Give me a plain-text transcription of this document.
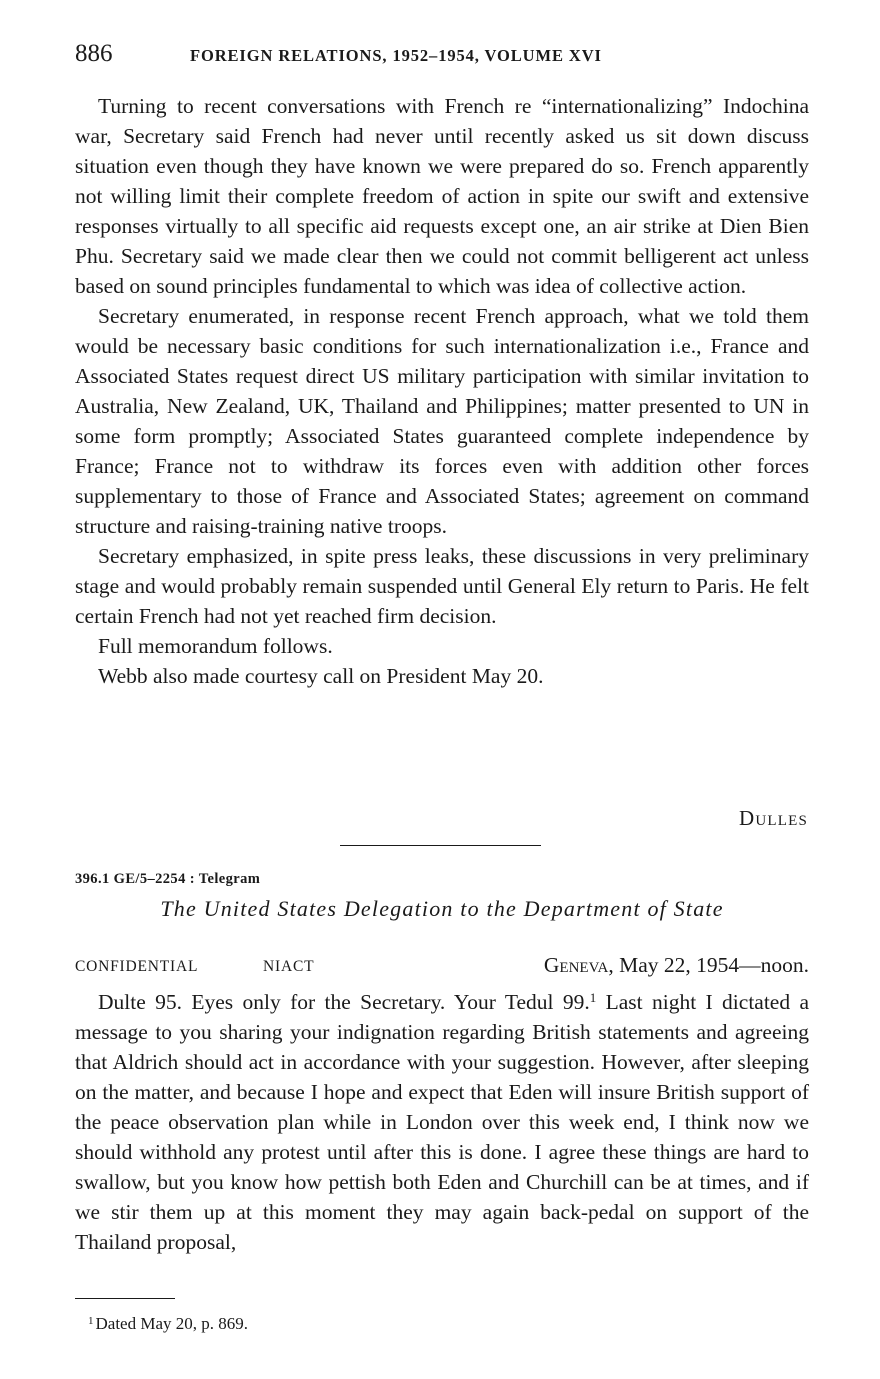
886	FOREIGN RELATIONS, 1952–1954, VOLUME XVI

Turning to recent conversations with French re “internationalizing” Indochina war, Secretary said French had never until recently asked us sit down discuss situation even though they have known we were prepared do so. French apparently not willing limit their complete freedom of action in spite our swift and extensive responses virtually to all specific aid requests except one, an air strike at Dien Bien Phu. Secretary said we made clear then we could not commit belligerent act unless based on sound principles fundamental to which was idea of collective action.

Secretary enumerated, in response recent French approach, what we told them would be necessary basic conditions for such internationalization i.e., France and Associated States request direct US military participation with similar invitation to Australia, New Zealand, UK, Thailand and Philippines; matter presented to UN in some form promptly; Associated States guaranteed complete independence by France; France not to withdraw its forces even with addition other forces supplementary to those of France and Associated States; agreement on command structure and raising-training native troops.

Secretary emphasized, in spite press leaks, these discussions in very preliminary stage and would probably remain suspended until General Ely return to Paris. He felt certain French had not yet reached firm decision.

Full memorandum follows.

Webb also made courtesy call on President May 20.

Dulles
396.1 GE/5–2254 : Telegram
The United States Delegation to the Department of State
CONFIDENTIAL	NIACT	Geneva, May 22, 1954—noon.

Dulte 95. Eyes only for the Secretary. Your Tedul 99.$^1$ Last night I dictated a message to you sharing your indignation regarding British statements and agreeing that Aldrich should act in accordance with your suggestion. However, after sleeping on the matter, and because I hope and expect that Eden will insure British support of the peace observation plan while in London over this week end, I think now we should withhold any protest until after this is done. I agree these things are hard to swallow, but you know how pettish both Eden and Churchill can be at times, and if we stir them up at this moment they may again back-pedal on support of the Thailand proposal,

$^1$ Dated May 20, p. 869.
